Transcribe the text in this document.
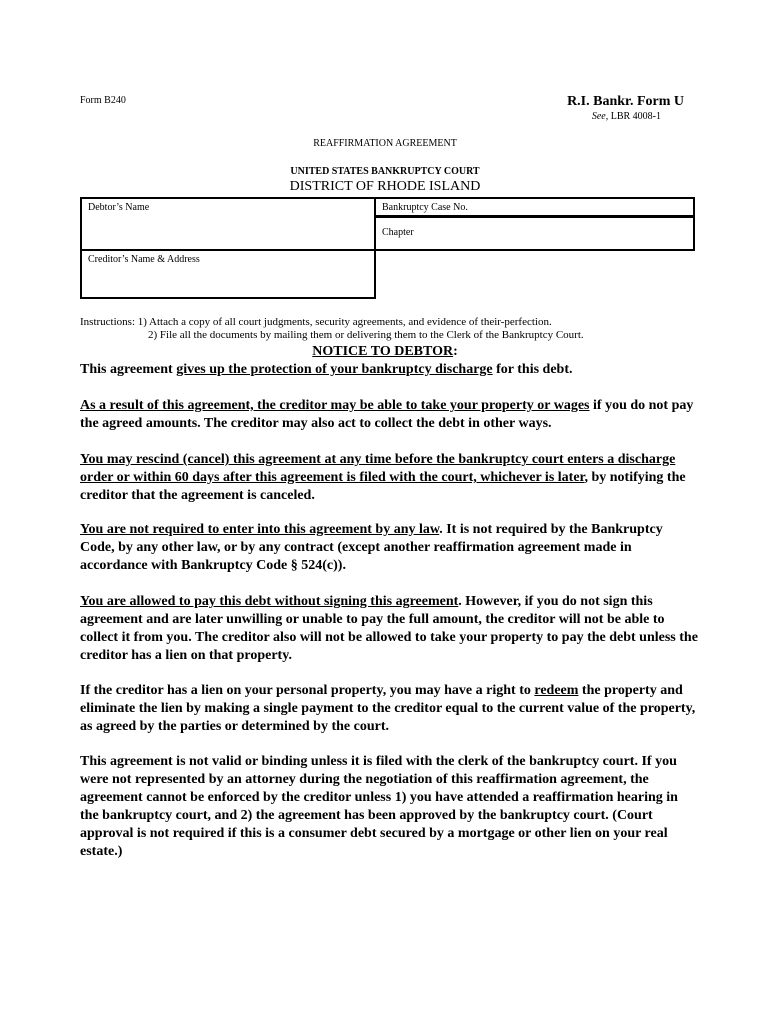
Form B240	R.I. Bankr. Form U
See, LBR 4008-1
REAFFIRMATION AGREEMENT
UNITED STATES BANKRUPTCY COURT
DISTRICT OF RHODE ISLAND
Debtor’s Name	Bankruptcy Case No.
Chapter
Creditor’s Name & Address
Instructions: 1) Attach a copy of all court judgments, security agreements, and evidence of their-perfection.
2) File all the documents by mailing them or delivering them to the Clerk of the Bankruptcy Court.
NOTICE TO DEBTOR:
This agreement gives up the protection of your bankruptcy discharge for this debt.
As a result of this agreement, the creditor may be able to take your property or wages if you do not pay the agreed amounts. The creditor may also act to collect the debt in other ways.
You may rescind (cancel) this agreement at any time before the bankruptcy court enters a discharge order or within 60 days after this agreement is filed with the court, whichever is later, by notifying the creditor that the agreement is canceled.
You are not required to enter into this agreement by any law. It is not required by the Bankruptcy Code, by any other law, or by any contract (except another reaffirmation agreement made in accordance with Bankruptcy Code § 524(c)).
You are allowed to pay this debt without signing this agreement. However, if you do not sign this agreement and are later unwilling or unable to pay the full amount, the creditor will not be able to collect it from you. The creditor also will not be allowed to take your property to pay the debt unless the creditor has a lien on that property.
If the creditor has a lien on your personal property, you may have a right to redeem the property and eliminate the lien by making a single payment to the creditor equal to the current value of the property, as agreed by the parties or determined by the court.
This agreement is not valid or binding unless it is filed with the clerk of the bankruptcy court. If you were not represented by an attorney during the negotiation of this reaffirmation agreement, the agreement cannot be enforced by the creditor unless 1) you have attended a reaffirmation hearing in the bankruptcy court, and 2) the agreement has been approved by the bankruptcy court. (Court approval is not required if this is a consumer debt secured by a mortgage or other lien on your real estate.)
